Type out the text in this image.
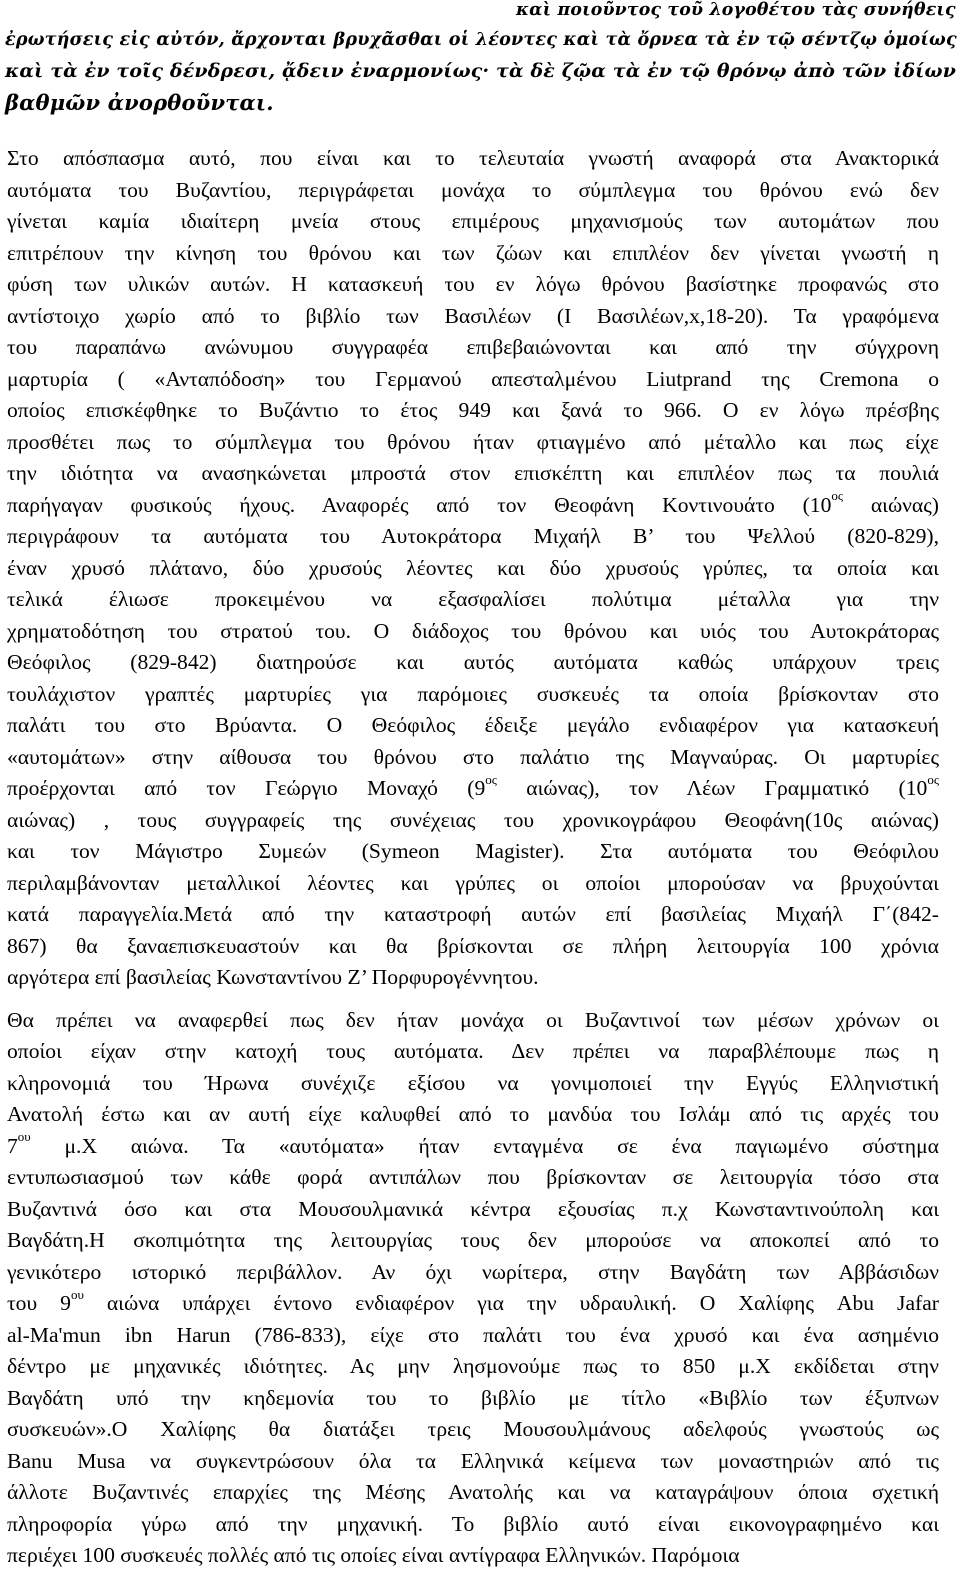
καὶ ποιοῦντος τοῦ λογοθέτου τὰς συνήθεις
ἐρωτήσεις εἰς αὐτόν, ἄρχονται βρυχᾶσθαι οἱ λέοντες καὶ τὰ ὄρνεα τὰ ἐν τῷ σέντζῳ ὁμοίως
καὶ τὰ ἐν τοῖς δένδρεσι, ᾄδειν ἐναρμονίως· τὰ δὲ ζῷα τὰ ἐν τῷ θρόνῳ ἀπὸ τῶν ἰδίων
βαθμῶν ἀνορθοῦνται.
Στο απόσπασμα αυτό, που είναι και το τελευταία γνωστή αναφορά στα Ανακτορικά
αυτόματα του Βυζαντίου, περιγράφεται μονάχα το σύμπλεγμα του θρόνου ενώ δεν
γίνεται καμία ιδιαίτερη μνεία στους επιμέρους μηχανισμούς των αυτομάτων που
επιτρέπουν την κίνηση του θρόνου και των ζώων και επιπλέον δεν γίνεται γνωστή η
φύση των υλικών αυτών. Η κατασκευή του εν λόγω θρόνου βασίστηκε προφανώς στο
αντίστοιχο χωρίο από το βιβλίο των Βασιλέων (Ι Βασιλέων,x,18-20). Τα γραφόμενα
του παραπάνω ανώνυμου συγγραφέα επιβεβαιώνονται και από την σύγχρονη
μαρτυρία ( «Ανταπόδοση» του Γερμανού απεσταλμένου Liutprand της Cremona ο
οποίος επισκέφθηκε το Βυζάντιο το έτος 949 και ξανά το 966. Ο εν λόγω πρέσβης
προσθέτει πως το σύμπλεγμα του θρόνου ήταν φτιαγμένο από μέταλλο και πως είχε
την ιδιότητα να ανασηκώνεται μπροστά στον επισκέπτη και επιπλέον πως τα πουλιά
παρήγαγαν φυσικούς ήχους. Αναφορές από τον Θεοφάνη Κοντινουάτο ($10^{o\varsigma}$ αιώνας)
περιγράφουν τα αυτόματα του Αυτοκράτορα Μιχαήλ Β’ του Ψελλού (820-829),
έναν χρυσό πλάτανο, δύο χρυσούς λέοντες και δύο χρυσούς γρύπες, τα οποία και
τελικά έλιωσε προκειμένου να εξασφαλίσει πολύτιμα μέταλλα για την
χρηματοδότηση του στρατού του. Ο διάδοχος του θρόνου και υιός του Αυτοκράτορας
Θεόφιλος (829-842) διατηρούσε και αυτός αυτόματα καθώς υπάρχουν τρεις
τουλάχιστον γραπτές μαρτυρίες για παρόμοιες συσκευές τα οποία βρίσκονταν στο
παλάτι του στο Βρύαντα. Ο Θεόφιλος έδειξε μεγάλο ενδιαφέρον για κατασκευή
«αυτομάτων» στην αίθουσα του θρόνου στο παλάτιο της Μαγναύρας. Οι μαρτυρίες
προέρχονται από τον Γεώργιο Μοναχό ($9^{o\varsigma}$ αιώνας), τον Λέων Γραμματικό ($10^{o\varsigma}$
αιώνας) , τους συγγραφείς της συνέχειας του χρονικογράφου Θεοφάνη(10ς αιώνας)
και τον Μάγιστρο Συμεών (Symeon Magister). Στα αυτόματα του Θεόφιλου
περιλαμβάνονταν μεταλλικοί λέοντες και γρύπες οι οποίοι μπορούσαν να βρυχούνται
κατά παραγγελία.Μετά από την καταστροφή αυτών επί βασιλείας Μιχαήλ Γ΄(842-
867) θα ξαναεπισκευαστούν και θα βρίσκονται σε πλήρη λειτουργία 100 χρόνια
αργότερα επί βασιλείας Κωνσταντίνου Ζ’ Πορφυρογέννητου.
Θα πρέπει να αναφερθεί πως δεν ήταν μονάχα οι Βυζαντινοί των μέσων χρόνων οι
οποίοι είχαν στην κατοχή τους αυτόματα. Δεν πρέπει να παραβλέπουμε πως η
κληρονομιά του Ήρωνα συνέχιζε εξίσου να γονιμοποιεί την Εγγύς Ελληνιστική
Ανατολή έστω και αν αυτή είχε καλυφθεί από το μανδύα του Ισλάμ από τις αρχές του
$7^{o\upsilon}$ μ.Χ αιώνα. Τα «αυτόματα» ήταν ενταγμένα σε ένα παγιωμένο σύστημα
εντυπωσιασμού των κάθε φορά αντιπάλων που βρίσκονταν σε λειτουργία τόσο στα
Βυζαντινά όσο και στα Μουσουλμανικά κέντρα εξουσίας π.χ Κωνσταντινούπολη και
Βαγδάτη.Η σκοπιμότητα της λειτουργίας τους δεν μπορούσε να αποκοπεί από το
γενικότερο ιστορικό περιβάλλον. Αν όχι νωρίτερα, στην Βαγδάτη των Αββάσιδων
του $9^{o\upsilon}$ αιώνα υπάρχει έντονο ενδιαφέρον για την υδραυλική. Ο Χαλίφης Abu Jafar
al-Ma'mun ibn Harun (786-833), είχε στο παλάτι του ένα χρυσό και ένα ασημένιο
δέντρο με μηχανικές ιδιότητες. Ας μην λησμονούμε πως το 850 μ.Χ εκδίδεται στην
Βαγδάτη υπό την κηδεμονία του το βιβλίο με τίτλο «Βιβλίο των έξυπνων
συσκευών».Ο Χαλίφης θα διατάξει τρεις Μουσουλμάνους αδελφούς γνωστούς ως
Banu Musa να συγκεντρώσουν όλα τα Ελληνικά κείμενα των μοναστηριών από τις
άλλοτε Βυζαντινές επαρχίες της Μέσης Ανατολής και να καταγράψουν όποια σχετική
πληροφορία γύρω από την μηχανική. Το βιβλίο αυτό είναι εικονογραφημένο και
περιέχει 100 συσκευές πολλές από τις οποίες είναι αντίγραφα Ελληνικών. Παρόμοια
